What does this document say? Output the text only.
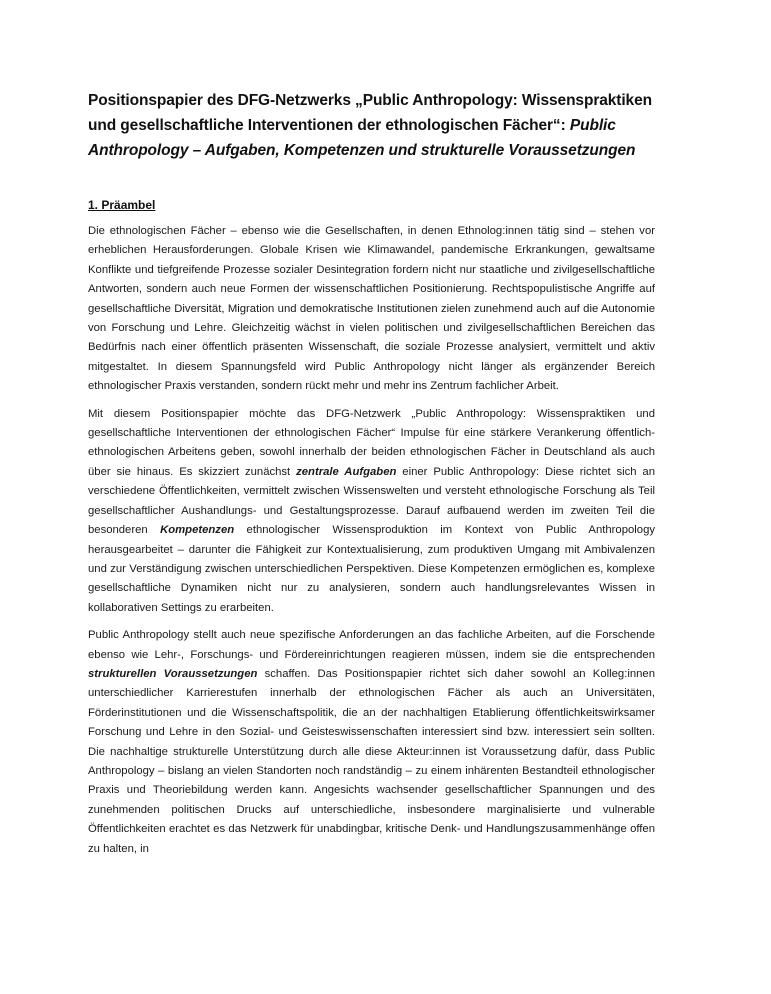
Positionspapier des DFG-Netzwerks „Public Anthropology: Wissenspraktiken und gesellschaftliche Interventionen der ethnologischen Fächer“: Public Anthropology – Aufgaben, Kompetenzen und strukturelle Voraussetzungen
1. Präambel

Die ethnologischen Fächer – ebenso wie die Gesellschaften, in denen Ethnolog:innen tätig sind – stehen vor erheblichen Herausforderungen. Globale Krisen wie Klimawandel, pandemische Erkrankungen, gewaltsame Konflikte und tiefgreifende Prozesse sozialer Desintegration fordern nicht nur staatliche und zivilgesellschaftliche Antworten, sondern auch neue Formen der wissenschaftlichen Positionierung. Rechtspopulistische Angriffe auf gesellschaftliche Diversität, Migration und demokratische Institutionen zielen zunehmend auch auf die Autonomie von Forschung und Lehre. Gleichzeitig wächst in vielen politischen und zivilgesellschaftlichen Bereichen das Bedürfnis nach einer öffentlich präsenten Wissenschaft, die soziale Prozesse analysiert, vermittelt und aktiv mitgestaltet. In diesem Spannungsfeld wird Public Anthropology nicht länger als ergänzender Bereich ethnologischer Praxis verstanden, sondern rückt mehr und mehr ins Zentrum fachlicher Arbeit.

Mit diesem Positionspapier möchte das DFG-Netzwerk „Public Anthropology: Wissenspraktiken und gesellschaftliche Interventionen der ethnologischen Fächer“ Impulse für eine stärkere Verankerung öffentlich-ethnologischen Arbeitens geben, sowohl innerhalb der beiden ethnologischen Fächer in Deutschland als auch über sie hinaus. Es skizziert zunächst zentrale Aufgaben einer Public Anthropology: Diese richtet sich an verschiedene Öffentlichkeiten, vermittelt zwischen Wissenswelten und versteht ethnologische Forschung als Teil gesellschaftlicher Aushandlungs- und Gestaltungsprozesse. Darauf aufbauend werden im zweiten Teil die besonderen Kompetenzen ethnologischer Wissensproduktion im Kontext von Public Anthropology herausgearbeitet – darunter die Fähigkeit zur Kontextualisierung, zum produktiven Umgang mit Ambivalenzen und zur Verständigung zwischen unterschiedlichen Perspektiven. Diese Kompetenzen ermöglichen es, komplexe gesellschaftliche Dynamiken nicht nur zu analysieren, sondern auch handlungsrelevantes Wissen in kollaborativen Settings zu erarbeiten.

Public Anthropology stellt auch neue spezifische Anforderungen an das fachliche Arbeiten, auf die Forschende ebenso wie Lehr-, Forschungs- und Fördereinrichtungen reagieren müssen, indem sie die entsprechenden strukturellen Voraussetzungen schaffen. Das Positionspapier richtet sich daher sowohl an Kolleg:innen unterschiedlicher Karrierestufen innerhalb der ethnologischen Fächer als auch an Universitäten, Förderinstitutionen und die Wissenschaftspolitik, die an der nachhaltigen Etablierung öffentlichkeitswirksamer Forschung und Lehre in den Sozial- und Geisteswissenschaften interessiert sind bzw. interessiert sein sollten. Die nachhaltige strukturelle Unterstützung durch alle diese Akteur:innen ist Voraussetzung dafür, dass Public Anthropology – bislang an vielen Standorten noch randständig – zu einem inhärenten Bestandteil ethnologischer Praxis und Theoriebildung werden kann. Angesichts wachsender gesellschaftlicher Spannungen und des zunehmenden politischen Drucks auf unterschiedliche, insbesondere marginalisierte und vulnerable Öffentlichkeiten erachtet es das Netzwerk für unabdingbar, kritische Denk- und Handlungszusammenhänge offen zu halten, in
